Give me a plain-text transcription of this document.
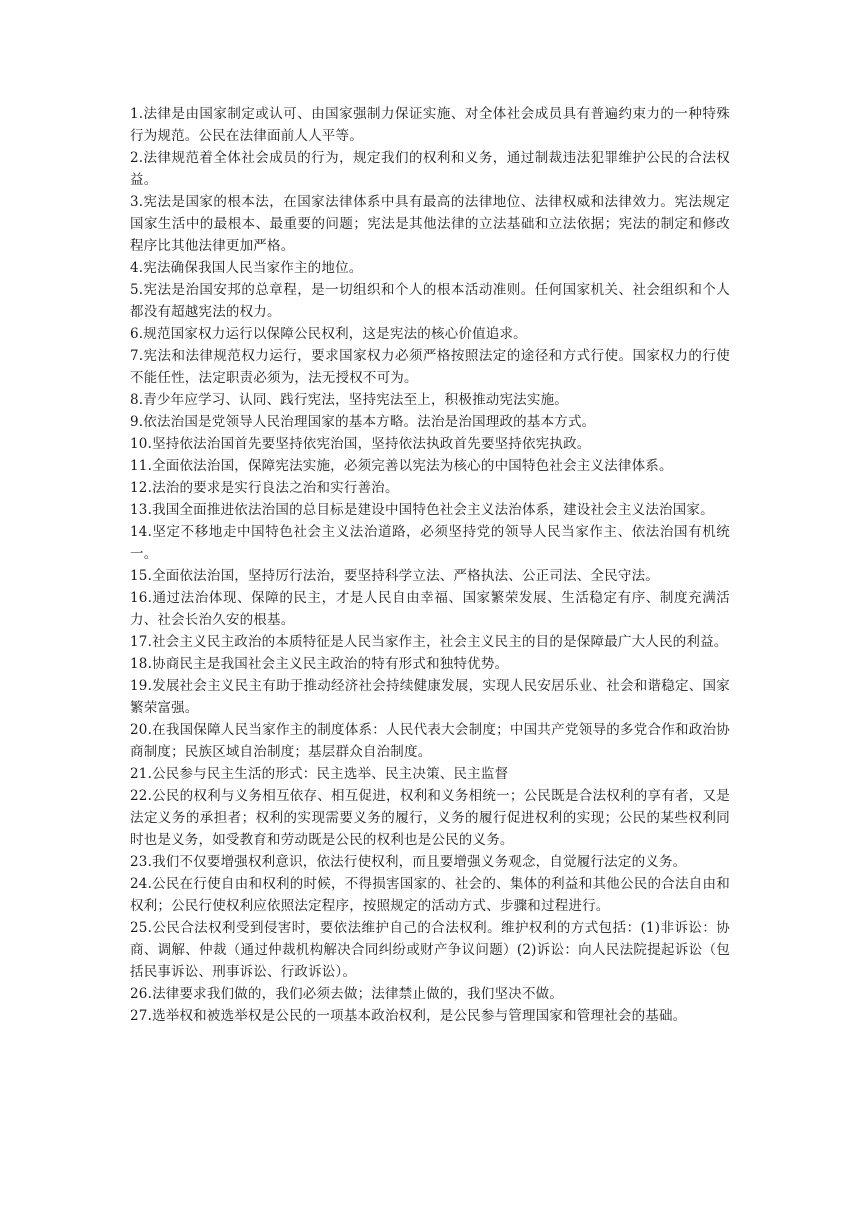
1.法律是由国家制定或认可、由国家强制力保证实施、对全体社会成员具有普遍约束力的一种特殊行为规范。公民在法律面前人人平等。

2.法律规范着全体社会成员的行为，规定我们的权利和义务，通过制裁违法犯罪维护公民的合法权益。

3.宪法是国家的根本法，在国家法律体系中具有最高的法律地位、法律权威和法律效力。宪法规定国家生活中的最根本、最重要的问题；宪法是其他法律的立法基础和立法依据；宪法的制定和修改程序比其他法律更加严格。

4.宪法确保我国人民当家作主的地位。

5.宪法是治国安邦的总章程，是一切组织和个人的根本活动准则。任何国家机关、社会组织和个人都没有超越宪法的权力。

6.规范国家权力运行以保障公民权利，这是宪法的核心价值追求。

7.宪法和法律规范权力运行，要求国家权力必须严格按照法定的途径和方式行使。国家权力的行使不能任性，法定职责必须为，法无授权不可为。

8.青少年应学习、认同、践行宪法，坚持宪法至上，积极推动宪法实施。

9.依法治国是党领导人民治理国家的基本方略。法治是治国理政的基本方式。

10.坚持依法治国首先要坚持依宪治国，坚持依法执政首先要坚持依宪执政。

11.全面依法治国，保障宪法实施，必须完善以宪法为核心的中国特色社会主义法律体系。

12.法治的要求是实行良法之治和实行善治。

13.我国全面推进依法治国的总目标是建设中国特色社会主义法治体系，建设社会主义法治国家。

14.坚定不移地走中国特色社会主义法治道路，必须坚持党的领导人民当家作主、依法治国有机统一。

15.全面依法治国，坚持厉行法治，要坚持科学立法、严格执法、公正司法、全民守法。

16.通过法治体现、保障的民主，才是人民自由幸福、国家繁荣发展、生活稳定有序、制度充满活力、社会长治久安的根基。

17.社会主义民主政治的本质特征是人民当家作主，社会主义民主的目的是保障最广大人民的利益。

18.协商民主是我国社会主义民主政治的特有形式和独特优势。

19.发展社会主义民主有助于推动经济社会持续健康发展，实现人民安居乐业、社会和谐稳定、国家繁荣富强。

20.在我国保障人民当家作主的制度体系：人民代表大会制度；中国共产党领导的多党合作和政治协商制度；民族区域自治制度；基层群众自治制度。

21.公民参与民主生活的形式：民主选举、民主决策、民主监督

22.公民的权利与义务相互依存、相互促进，权利和义务相统一；公民既是合法权利的享有者，又是法定义务的承担者；权利的实现需要义务的履行，义务的履行促进权利的实现；公民的某些权利同时也是义务，如受教育和劳动既是公民的权利也是公民的义务。

23.我们不仅要增强权利意识，依法行使权利，而且要增强义务观念，自觉履行法定的义务。

24.公民在行使自由和权利的时候，不得损害国家的、社会的、集体的利益和其他公民的合法自由和权利；公民行使权利应依照法定程序，按照规定的活动方式、步骤和过程进行。

25.公民合法权利受到侵害时，要依法维护自己的合法权利。维护权利的方式包括：(1)非诉讼：协商、调解、仲裁（通过仲裁机构解决合同纠纷或财产争议问题）(2)诉讼：向人民法院提起诉讼（包括民事诉讼、刑事诉讼、行政诉讼）。

26.法律要求我们做的，我们必须去做；法律禁止做的，我们坚决不做。

27.选举权和被选举权是公民的一项基本政治权利，是公民参与管理国家和管理社会的基础。
